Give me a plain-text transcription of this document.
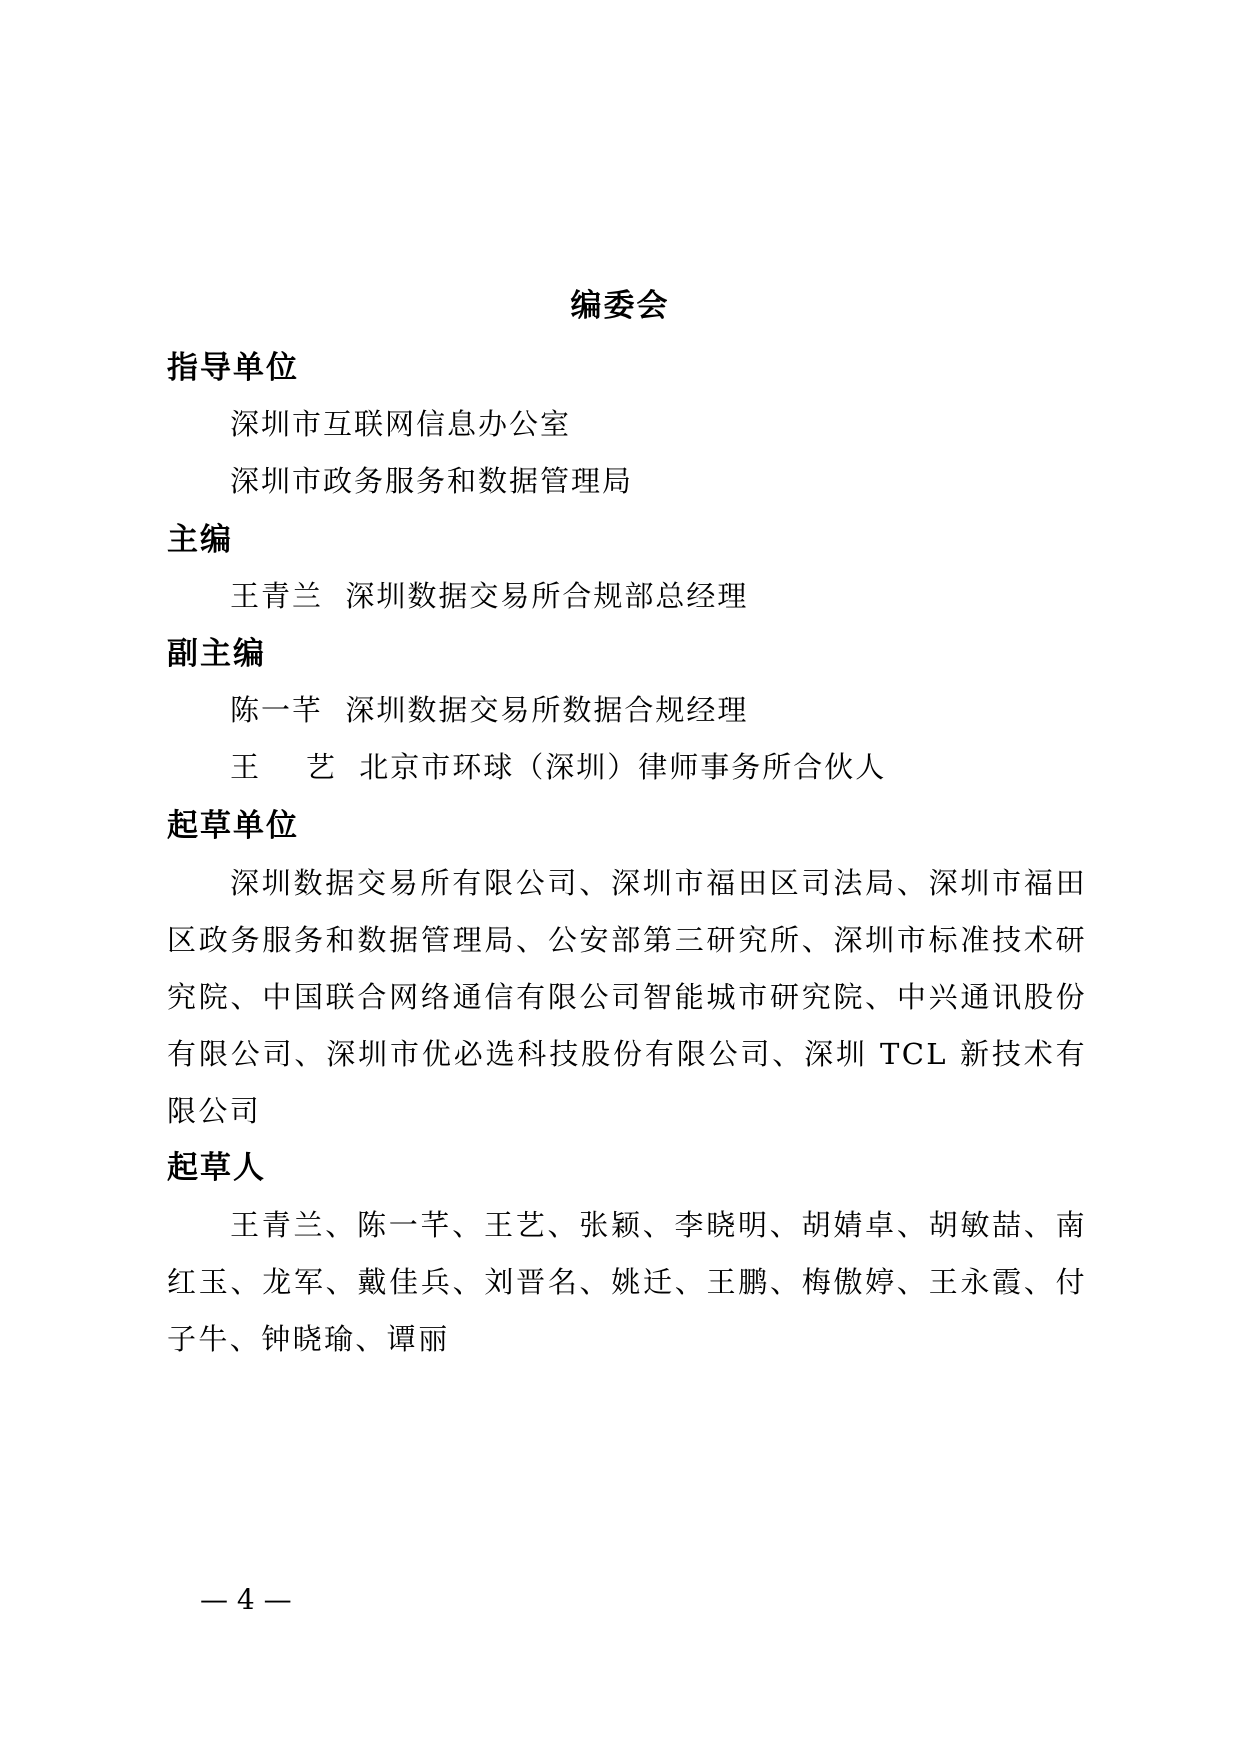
编委会
指导单位
深圳市互联网信息办公室
深圳市政务服务和数据管理局
主编
王青兰  深圳数据交易所合规部总经理
副主编
陈一芊  深圳数据交易所数据合规经理
王    艺  北京市环球（深圳）律师事务所合伙人
起草单位
深圳数据交易所有限公司、深圳市福田区司法局、深圳市福田区政务服务和数据管理局、公安部第三研究所、深圳市标准技术研究院、中国联合网络通信有限公司智能城市研究院、中兴通讯股份有限公司、深圳市优必选科技股份有限公司、深圳 TCL 新技术有限公司
起草人
王青兰、陈一芊、王艺、张颖、李晓明、胡婧卓、胡敏喆、南红玉、龙军、戴佳兵、刘晋名、姚迁、王鹏、梅傲婷、王永霞、付子牛、钟晓瑜、谭丽
— 4 —
